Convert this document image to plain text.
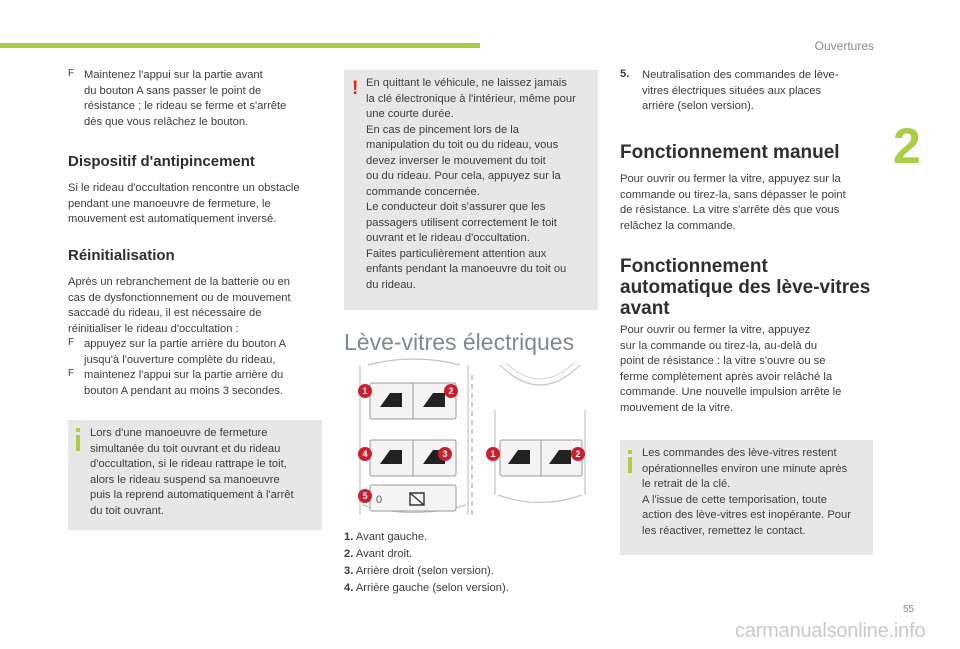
Ouvertures
2
55
carmanualsonline.info
F Maintenez l'appui sur la partie avant

du bouton A sans passer le point de

résistance ; le rideau se ferme et s'arrête

dès que vous relâchez le bouton.

Dispositif d'antipincement

Si le rideau d'occultation rencontre un obstacle

pendant une manoeuvre de fermeture, le

mouvement est automatiquement inversé.

Réinitialisation

Après un rebranchement de la batterie ou en

cas de dysfonctionnement ou de mouvement

saccadé du rideau, il est nécessaire de

réinitialiser le rideau d'occultation :

F appuyez sur la partie arrière du bouton A

jusqu'à l'ouverture complète du rideau,

F maintenez l'appui sur la partie arrière du

bouton A pendant au moins 3 secondes.

Lors d'une manoeuvre de fermeture

simultanée du toit ouvrant et du rideau

d'occultation, si le rideau rattrape le toit,

alors le rideau suspend sa manoeuvre

puis la reprend automatiquement à l'arrêt

du toit ouvrant.

! En quittant le véhicule, ne laissez jamais

la clé électronique à l'intérieur, même pour

une courte durée.

En cas de pincement lors de la

manipulation du toit ou du rideau, vous

devez inverser le mouvement du toit

ou du rideau. Pour cela, appuyez sur la

commande concernée.

Le conducteur doit s'assurer que les

passagers utilisent correctement le toit

ouvrant et le rideau d'occultation.

Faites particulièrement attention aux

enfants pendant la manoeuvre du toit ou

du rideau.

Lève-vitres électriques
0
1	2
4	3
5
1	2

1. Avant gauche.

2. Avant droit.

3. Arrière droit (selon version).

4. Arrière gauche (selon version).

5.	Neutralisation des commandes de lève-

vitres électriques situées aux places

arrière (selon version).

Fonctionnement manuel

Pour ouvrir ou fermer la vitre, appuyez sur la

commande ou tirez-la, sans dépasser le point

de résistance. La vitre s'arrête dès que vous

relâchez la commande.

Fonctionnement

automatique des lève-vitres

avant

Pour ouvrir ou fermer la vitre, appuyez

sur la commande ou tirez-la, au-delà du

point de résistance : la vitre s'ouvre ou se

ferme complètement après avoir relâché la

commande. Une nouvelle impulsion arrête le

mouvement de la vitre.

Les commandes des lève-vitres restent

opérationnelles environ une minute après

le retrait de la clé.

A l'issue de cette temporisation, toute

action des lève-vitres est inopérante. Pour

les réactiver, remettez le contact.
